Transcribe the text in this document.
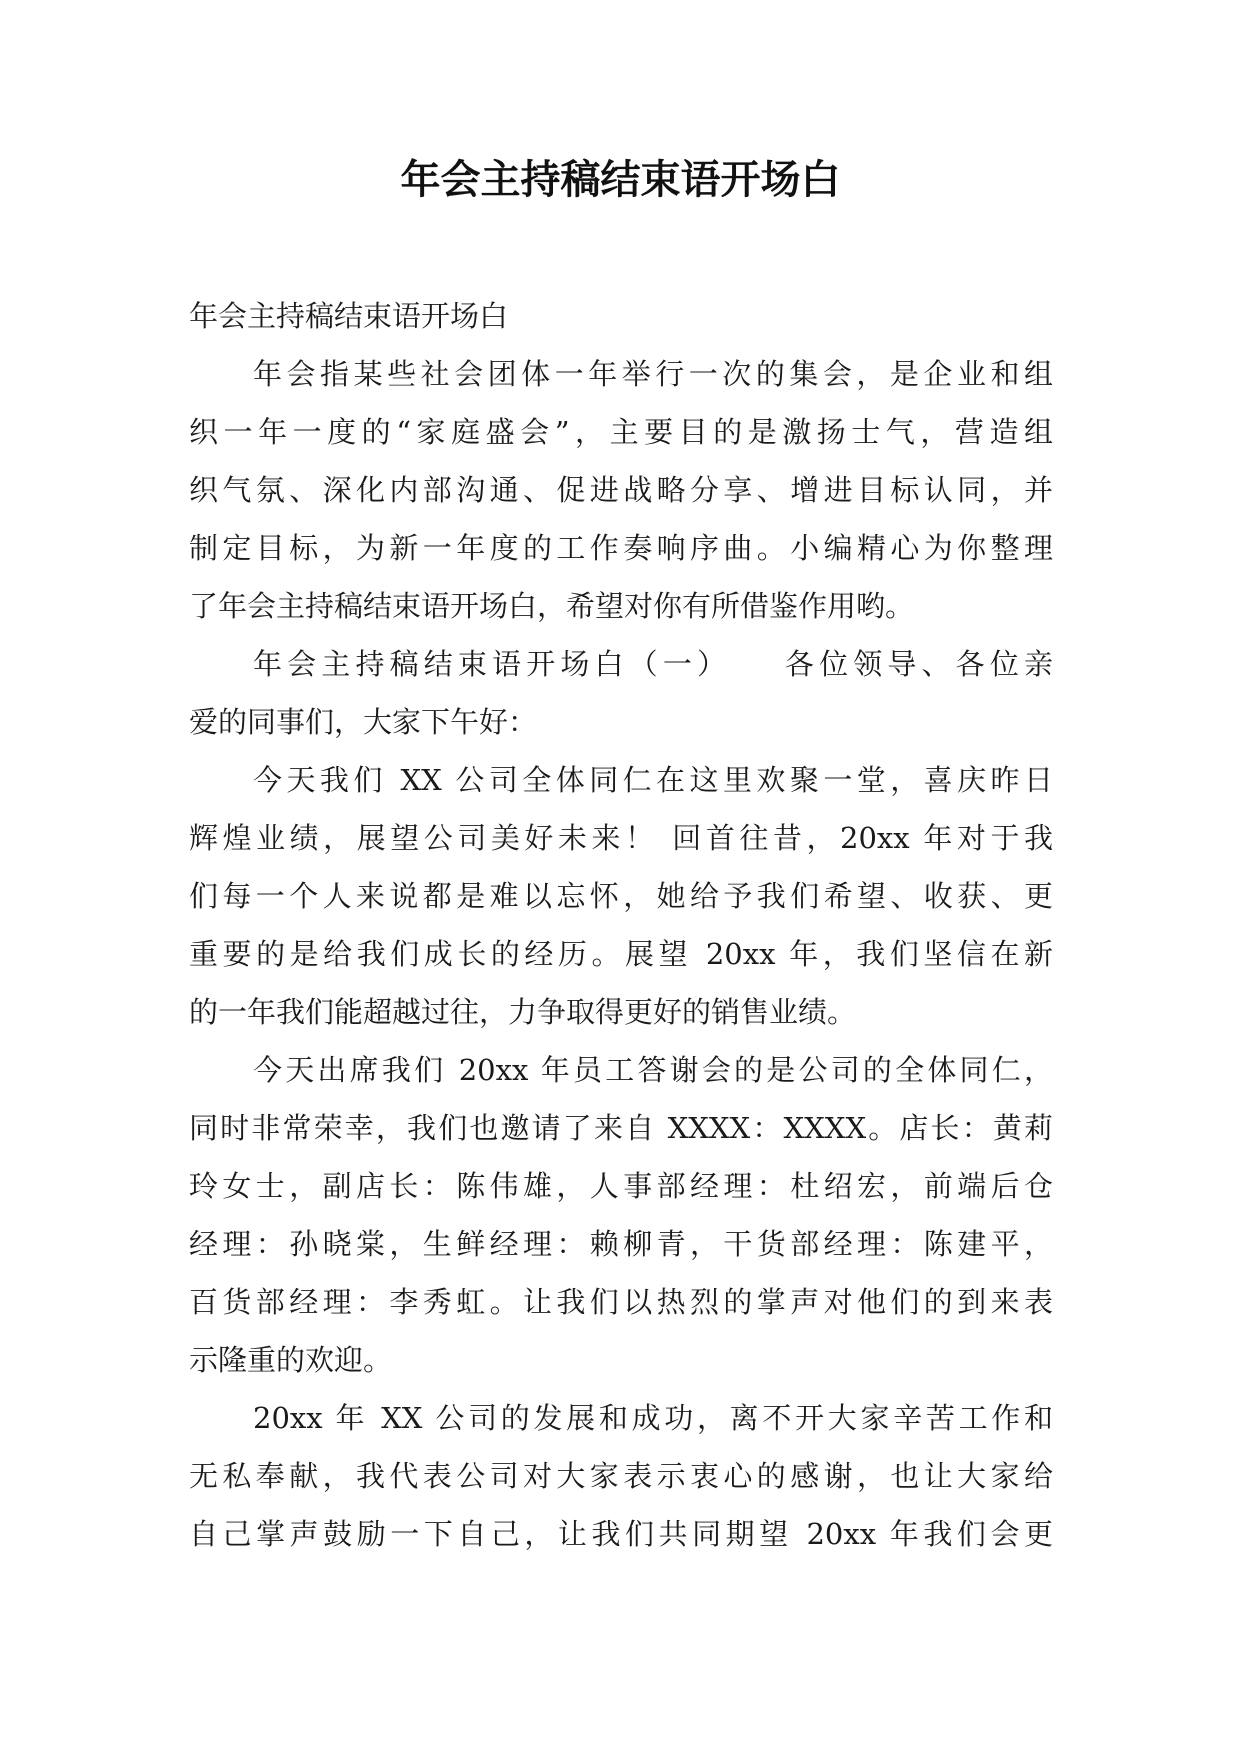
年会主持稿结束语开场白
年会主持稿结束语开场白
年会指某些社会团体一年举行一次的集会，是企业和组
织一年一度的“家庭盛会”，主要目的是激扬士气，营造组
织气氛、深化内部沟通、促进战略分享、增进目标认同，并
制定目标，为新一年度的工作奏响序曲。小编精心为你整理
了年会主持稿结束语开场白，希望对你有所借鉴作用哟。
年会主持稿结束语开场白（一）　　各位领导、各位亲
爱的同事们，大家下午好：
今天我们 XX 公司全体同仁在这里欢聚一堂，喜庆昨日
辉煌业绩，展望公司美好未来！ 回首往昔，20xx 年对于我
们每一个人来说都是难以忘怀，她给予我们希望、收获、更
重要的是给我们成长的经历。展望 20xx 年，我们坚信在新
的一年我们能超越过往，力争取得更好的销售业绩。
今天出席我们 20xx 年员工答谢会的是公司的全体同仁，
同时非常荣幸，我们也邀请了来自 XXXX：XXXX。店长：黄莉
玲女士，副店长：陈伟雄，人事部经理：杜绍宏，前端后仓
经理：孙晓棠，生鲜经理：赖柳青，干货部经理：陈建平，
百货部经理：李秀虹。让我们以热烈的掌声对他们的到来表
示隆重的欢迎。
20xx 年 XX 公司的发展和成功，离不开大家辛苦工作和
无私奉献，我代表公司对大家表示衷心的感谢，也让大家给
自己掌声鼓励一下自己，让我们共同期望 20xx 年我们会更
